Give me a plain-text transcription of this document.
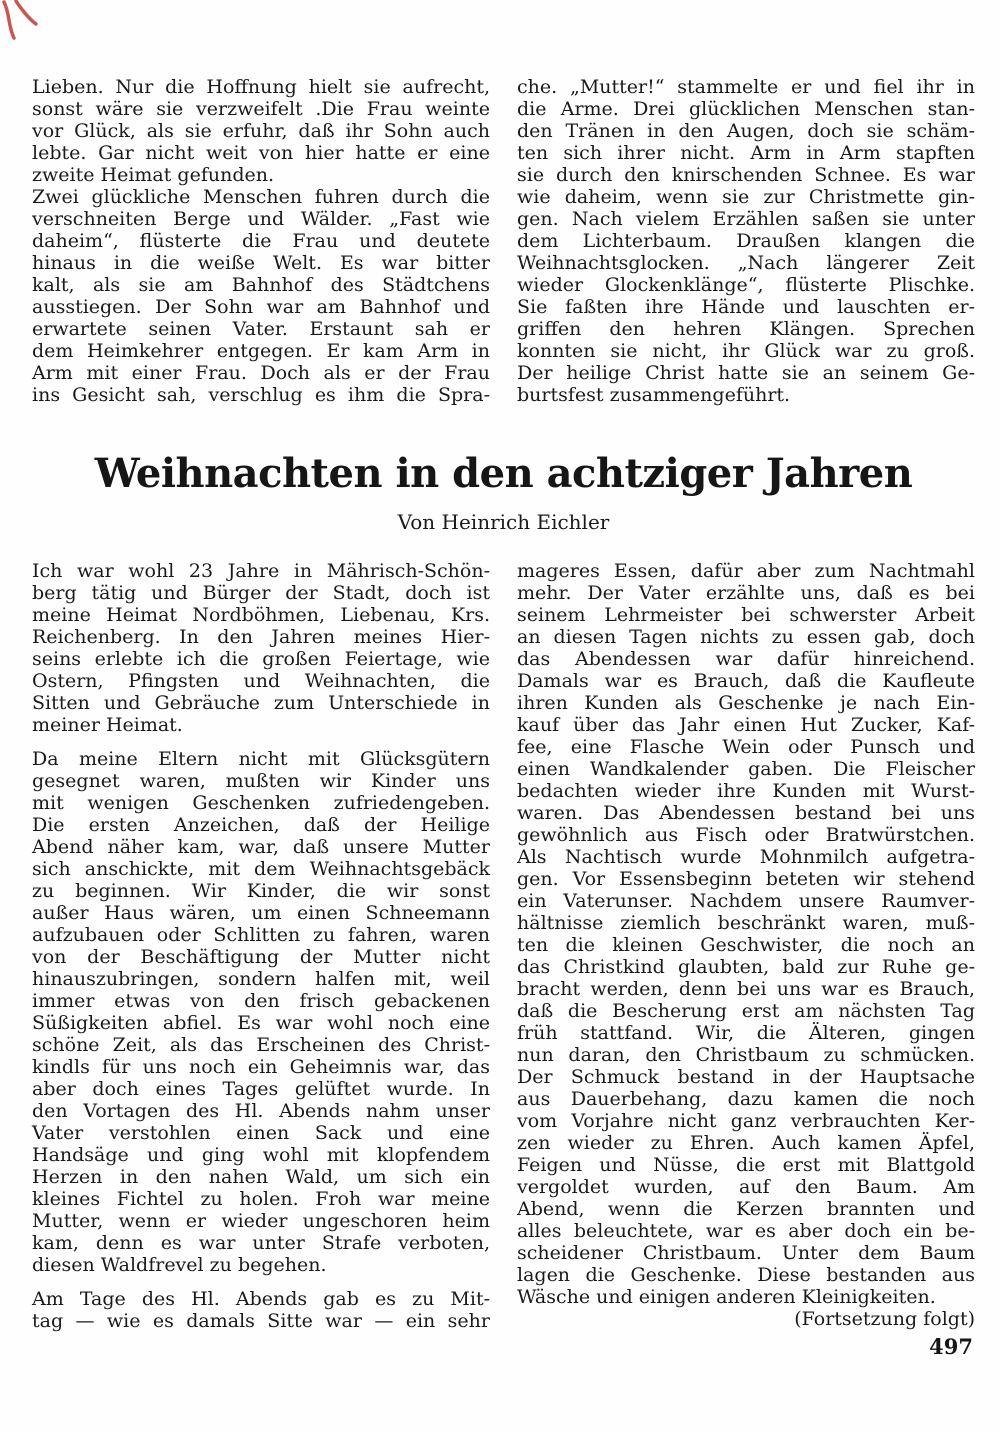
Lieben. Nur die Hoffnung hielt sie aufrecht,
sonst wäre sie verzweifelt .Die Frau weinte
vor Glück, als sie erfuhr, daß ihr Sohn auch
lebte. Gar nicht weit von hier hatte er eine
zweite Heimat gefunden.
Zwei glückliche Menschen fuhren durch die
verschneiten Berge und Wälder. „Fast wie
daheim“, flüsterte die Frau und deutete
hinaus in die weiße Welt. Es war bitter
kalt, als sie am Bahnhof des Städtchens
ausstiegen. Der Sohn war am Bahnhof und
erwartete seinen Vater. Erstaunt sah er
dem Heimkehrer entgegen. Er kam Arm in
Arm mit einer Frau. Doch als er der Frau
ins Gesicht sah, verschlug es ihm die Spra-
che. „Mutter!“ stammelte er und fiel ihr in
die Arme. Drei glücklichen Menschen stan-
den Tränen in den Augen, doch sie schäm-
ten sich ihrer nicht. Arm in Arm stapften
sie durch den knirschenden Schnee. Es war
wie daheim, wenn sie zur Christmette gin-
gen. Nach vielem Erzählen saßen sie unter
dem Lichterbaum. Draußen klangen die
Weihnachtsglocken. „Nach längerer Zeit
wieder Glockenklänge“, flüsterte Plischke.
Sie faßten ihre Hände und lauschten er-
griffen den hehren Klängen. Sprechen
konnten sie nicht, ihr Glück war zu groß.
Der heilige Christ hatte sie an seinem Ge-
burtsfest zusammengeführt.
Weihnachten in den achtziger Jahren
Von Heinrich Eichler
Ich war wohl 23 Jahre in Mährisch-Schön-
berg tätig und Bürger der Stadt, doch ist
meine Heimat Nordböhmen, Liebenau, Krs.
Reichenberg. In den Jahren meines Hier-
seins erlebte ich die großen Feiertage, wie
Ostern, Pfingsten und Weihnachten, die
Sitten und Gebräuche zum Unterschiede in
meiner Heimat.
Da meine Eltern nicht mit Glücksgütern
gesegnet waren, mußten wir Kinder uns
mit wenigen Geschenken zufriedengeben.
Die ersten Anzeichen, daß der Heilige
Abend näher kam, war, daß unsere Mutter
sich anschickte, mit dem Weihnachtsgebäck
zu beginnen. Wir Kinder, die wir sonst
außer Haus wären, um einen Schneemann
aufzubauen oder Schlitten zu fahren, waren
von der Beschäftigung der Mutter nicht
hinauszubringen, sondern halfen mit, weil
immer etwas von den frisch gebackenen
Süßigkeiten abfiel. Es war wohl noch eine
schöne Zeit, als das Erscheinen des Christ-
kindls für uns noch ein Geheimnis war, das
aber doch eines Tages gelüftet wurde. In
den Vortagen des Hl. Abends nahm unser
Vater verstohlen einen Sack und eine
Handsäge und ging wohl mit klopfendem
Herzen in den nahen Wald, um sich ein
kleines Fichtel zu holen. Froh war meine
Mutter, wenn er wieder ungeschoren heim
kam, denn es war unter Strafe verboten,
diesen Waldfrevel zu begehen.
Am Tage des Hl. Abends gab es zu Mit-
tag — wie es damals Sitte war — ein sehr
mageres Essen, dafür aber zum Nachtmahl
mehr. Der Vater erzählte uns, daß es bei
seinem Lehrmeister bei schwerster Arbeit
an diesen Tagen nichts zu essen gab, doch
das Abendessen war dafür hinreichend.
Damals war es Brauch, daß die Kaufleute
ihren Kunden als Geschenke je nach Ein-
kauf über das Jahr einen Hut Zucker, Kaf-
fee, eine Flasche Wein oder Punsch und
einen Wandkalender gaben. Die Fleischer
bedachten wieder ihre Kunden mit Wurst-
waren. Das Abendessen bestand bei uns
gewöhnlich aus Fisch oder Bratwürstchen.
Als Nachtisch wurde Mohnmilch aufgetra-
gen. Vor Essensbeginn beteten wir stehend
ein Vaterunser. Nachdem unsere Raumver-
hältnisse ziemlich beschränkt waren, muß-
ten die kleinen Geschwister, die noch an
das Christkind glaubten, bald zur Ruhe ge-
bracht werden, denn bei uns war es Brauch,
daß die Bescherung erst am nächsten Tag
früh stattfand. Wir, die Älteren, gingen
nun daran, den Christbaum zu schmücken.
Der Schmuck bestand in der Hauptsache
aus Dauerbehang, dazu kamen die noch
vom Vorjahre nicht ganz verbrauchten Ker-
zen wieder zu Ehren. Auch kamen Äpfel,
Feigen und Nüsse, die erst mit Blattgold
vergoldet wurden, auf den Baum. Am
Abend, wenn die Kerzen brannten und
alles beleuchtete, war es aber doch ein be-
scheidener Christbaum. Unter dem Baum
lagen die Geschenke. Diese bestanden aus
Wäsche und einigen anderen Kleinigkeiten.
(Fortsetzung folgt)
497
